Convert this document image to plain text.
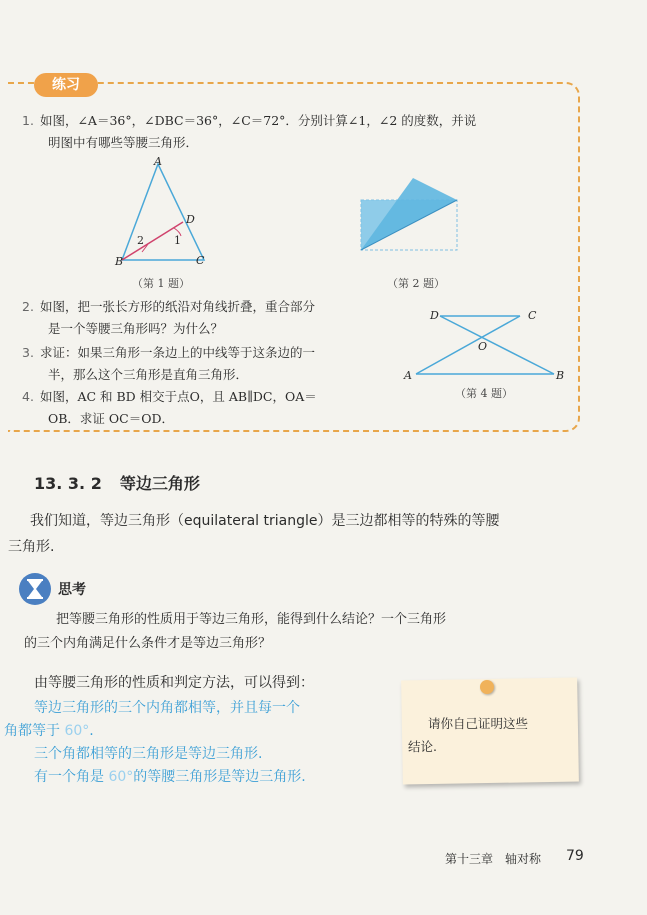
练习
1. 如图，∠A＝36°，∠DBC＝36°，∠C＝72°．分别计算∠1，∠2 的度数，并说
明图中有哪些等腰三角形．
A
D
B	C
2	1
（第 1 题）	（第 2 题）
2. 如图，把一张长方形的纸沿对角线折叠，重合部分
是一个等腰三角形吗？为什么？
3. 求证：如果三角形一条边上的中线等于这条边的一
半，那么这个三角形是直角三角形．
4. 如图，AC 和 BD 相交于点O，且 AB∥DC，OA＝
OB．求证 OC＝OD．
D	C
O
A	B
（第 4 题）
13. 3. 2 等边三角形
我们知道，等边三角形（equilateral triangle）是三边都相等的特殊的等腰
三角形.
思考
把等腰三角形的性质用于等边三角形，能得到什么结论？一个三角形
的三个内角满足什么条件才是等边三角形？
由等腰三角形的性质和判定方法，可以得到：
等边三角形的三个内角都相等，并且每一个
角都等于 60°.
三个角都相等的三角形是等边三角形.
有一个角是 60°的等腰三角形是等边三角形.
请你自己证明这些
结论.
第十三章　轴对称 79
